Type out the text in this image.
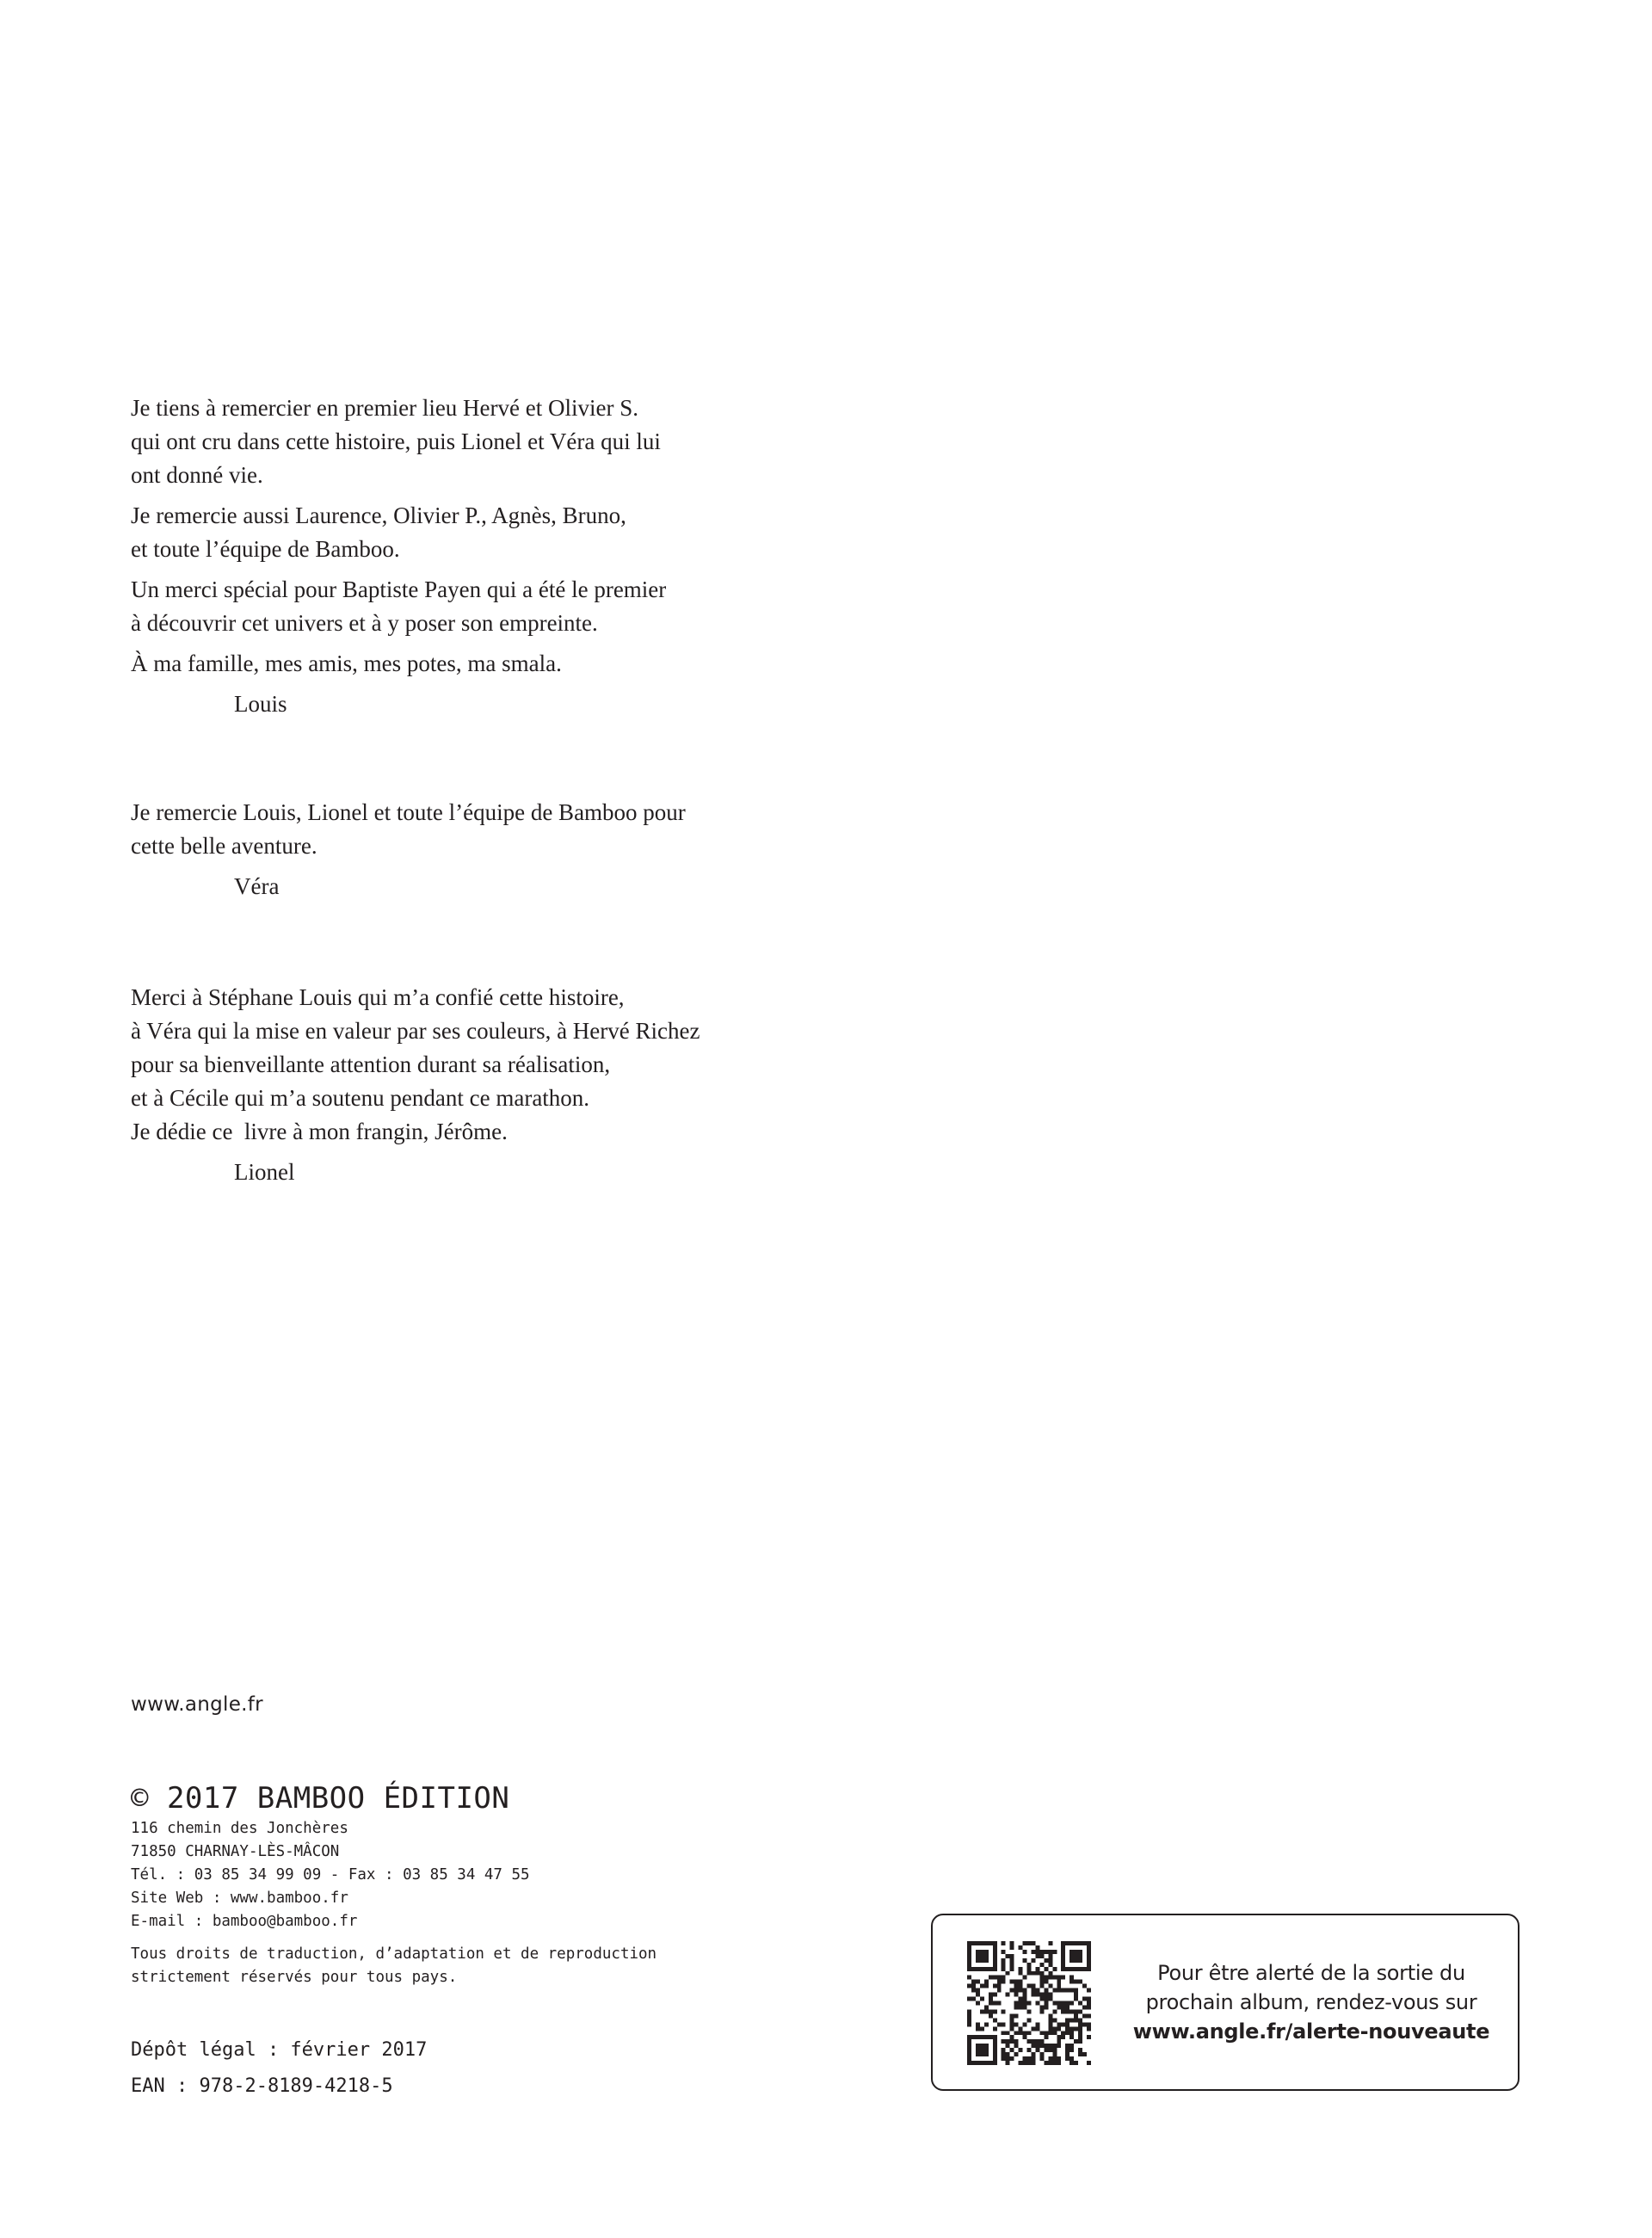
Je tiens à remercier en premier lieu Hervé et Olivier S.
qui ont cru dans cette histoire, puis Lionel et Véra qui lui
ont donné vie.
Je remercie aussi Laurence, Olivier P., Agnès, Bruno,
et toute l’équipe de Bamboo.
Un merci spécial pour Baptiste Payen qui a été le premier
à découvrir cet univers et à y poser son empreinte.
À ma famille, mes amis, mes potes, ma smala.
Louis
Je remercie Louis, Lionel et toute l’équipe de Bamboo pour
cette belle aventure.
Véra
Merci à Stéphane Louis qui m’a confié cette histoire,
à Véra qui la mise en valeur par ses couleurs, à Hervé Richez
pour sa bienveillante attention durant sa réalisation,
et à Cécile qui m’a soutenu pendant ce marathon.
Je dédie ce  livre à mon frangin, Jérôme.
Lionel
www.angle.fr
© 2017 BAMBOO ÉDITION
116 chemin des Jonchères
71850 CHARNAY-LÈS-MÂCON
Tél. : 03 85 34 99 09 - Fax : 03 85 34 47 55
Site Web : www.bamboo.fr
E-mail : bamboo@bamboo.fr
Tous droits de traduction, d’adaptation et de reproduction
strictement réservés pour tous pays.
Dépôt légal : février 2017
EAN : 978-2-8189-4218-5
Pour être alerté de la sortie du
prochain album, rendez-vous sur
www.angle.fr/alerte-nouveaute
